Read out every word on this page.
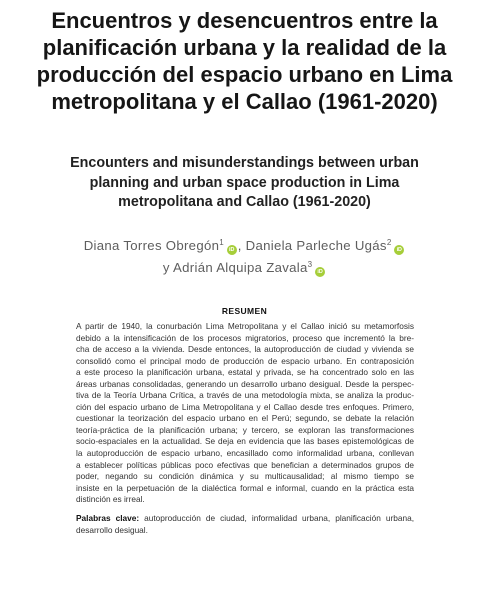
Encuentros y desencuentros entre la
planificación urbana y la realidad de la
producción del espacio urbano en Lima
metropolitana y el Callao (1961-2020)
Encounters and misunderstandings between urban
planning and urban space production in Lima
metropolitana and Callao (1961-2020)
Diana Torres Obregón$^1$iD , Daniela Parleche Ugás$^2$iD
y Adrián Alquipa Zavala$^3$iD
RESUMEN
A partir de 1940, la conurbación Lima Metropolitana y el Callao inició su metamorfosis
debido a la intensificación de los procesos migratorios, proceso que incrementó la bre-
cha de acceso a la vivienda. Desde entonces, la autoproducción de ciudad y vivienda se
consolidó como el principal modo de producción de espacio urbano. En contraposición
a este proceso la planificación urbana, estatal y privada, se ha concentrado solo en las
áreas urbanas consolidadas, generando un desarrollo urbano desigual. Desde la perspec-
tiva de la Teoría Urbana Crítica, a través de una metodología mixta, se analiza la produc-
ción del espacio urbano de Lima Metropolitana y el Callao desde tres enfoques. Primero,
cuestionar la teorización del espacio urbano en el Perú; segundo, se debate la relación
teoría-práctica de la planificación urbana; y tercero, se exploran las transformaciones
socio-espaciales en la actualidad. Se deja en evidencia que las bases epistemológicas de
la autoproducción de espacio urbano, encasillado como informalidad urbana, conllevan
a establecer políticas públicas poco efectivas que benefician a determinados grupos de
poder, negando su condición dinámica y su multicausalidad; al mismo tiempo se
insiste en la perpetuación de la dialéctica formal e informal, cuando en la práctica esta
distinción es irreal.
Palabras clave: autoproducción de ciudad, informalidad urbana, planificación urbana,
desarrollo desigual.
